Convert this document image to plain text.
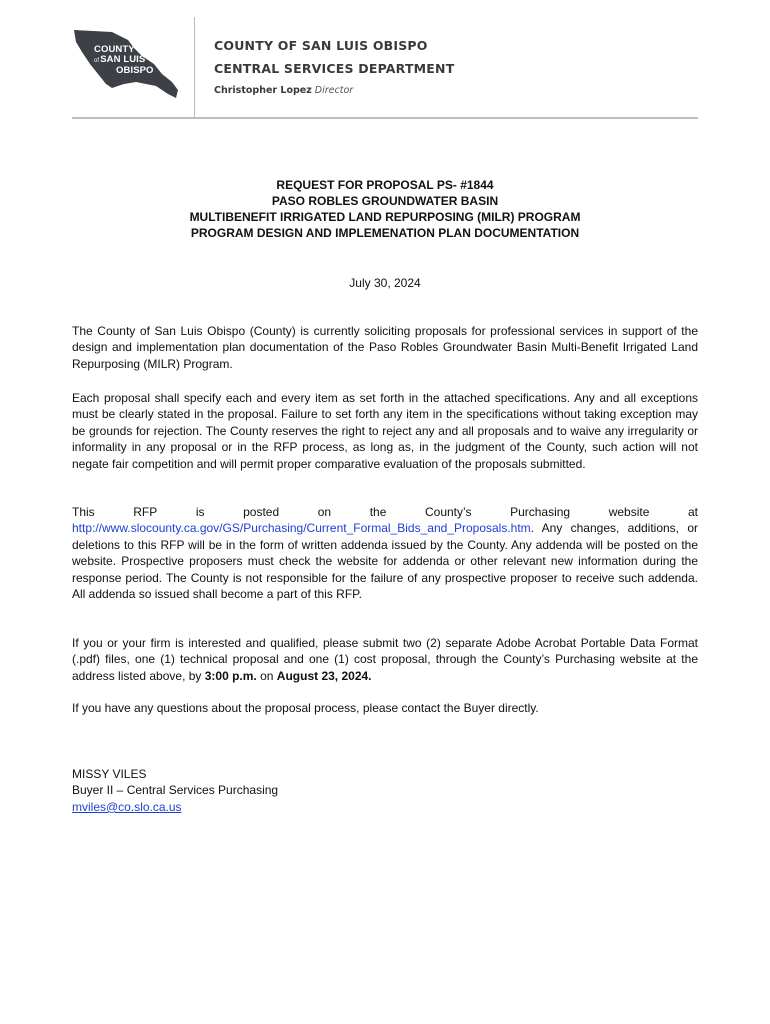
COUNTY
ofSAN LUIS
OBISPO
COUNTY OF SAN LUIS OBISPO
CENTRAL SERVICES DEPARTMENT
Christopher Lopez Director
REQUEST FOR PROPOSAL PS- #1844
PASO ROBLES GROUNDWATER BASIN
MULTIBENEFIT IRRIGATED LAND REPURPOSING (MILR) PROGRAM
PROGRAM DESIGN AND IMPLEMENATION PLAN DOCUMENTATION
July 30, 2024
The County of San Luis Obispo (County) is currently soliciting proposals for professional services in support of the design and implementation plan documentation of the Paso Robles Groundwater Basin Multi-Benefit Irrigated Land Repurposing (MILR) Program.
Each proposal shall specify each and every item as set forth in the attached specifications. Any and all exceptions must be clearly stated in the proposal. Failure to set forth any item in the specifications without taking exception may be grounds for rejection. The County reserves the right to reject any and all proposals and to waive any irregularity or informality in any proposal or in the RFP process, as long as, in the judgment of the County, such action will not negate fair competition and will permit proper comparative evaluation of the proposals submitted.
This	RFP	is	posted	on	the	County’s	Purchasing	website	at
http://www.slocounty.ca.gov/GS/Purchasing/Current_Formal_Bids_and_Proposals.htm. Any changes, additions, or deletions to this RFP will be in the form of written addenda issued by the County. Any addenda will be posted on the website. Prospective proposers must check the website for addenda or other relevant new information during the response period. The County is not responsible for the failure of any prospective proposer to receive such addenda. All addenda so issued shall become a part of this RFP.
If you or your firm is interested and qualified, please submit two (2) separate Adobe Acrobat Portable Data Format (.pdf) files, one (1) technical proposal and one (1) cost proposal, through the County’s Purchasing website at the address listed above, by 3:00 p.m. on August 23, 2024.
If you have any questions about the proposal process, please contact the Buyer directly.
MISSY VILES
Buyer II – Central Services Purchasing
mviles@co.slo.ca.us
